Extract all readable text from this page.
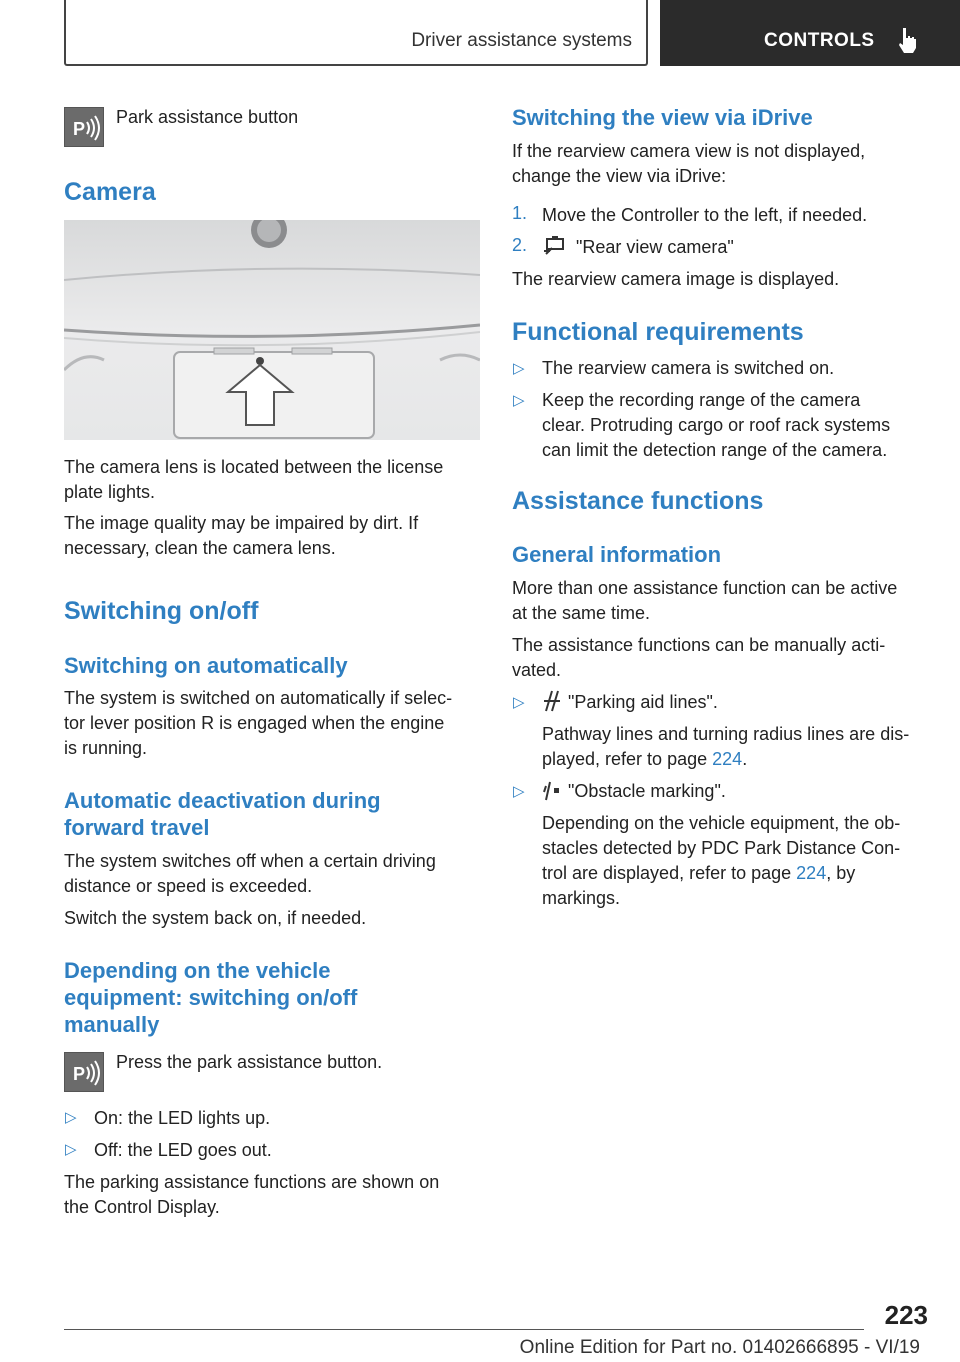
Driver assistance systems	CONTROLS
P
Park assistance button
Camera
The camera lens is located between the license plate lights.
The image quality may be impaired by dirt. If necessary, clean the camera lens.
Switching on/off
Switching on automatically
The system is switched on automatically if selec‐
tor lever position R is engaged when the engine
is running.
Automatic deactivation during
forward travel
The system switches off when a certain driving
distance or speed is exceeded.
Switch the system back on, if needed.
Depending on the vehicle
equipment: switching on/off
manually
P
Press the park assistance button.
▷ On: the LED lights up.
▷ Off: the LED goes out.
The parking assistance functions are shown on
the Control Display.
Switching the view via iDrive
If the rearview camera view is not displayed,
change the view via iDrive:
1. Move the Controller to the left, if needed.
2.	"Rear view camera"
The rearview camera image is displayed.
Functional requirements
▷ The rearview camera is switched on.
▷ Keep the recording range of the camera
clear. Protruding cargo or roof rack systems
can limit the detection range of the camera.
Assistance functions
General information
More than one assistance function can be active
at the same time.
The assistance functions can be manually acti‐
vated.
▷ "Parking aid lines".
Pathway lines and turning radius lines are dis‐
played, refer to page 224.
▷ "Obstacle marking".
Depending on the vehicle equipment, the ob‐
stacles detected by PDC Park Distance Con‐
trol are displayed, refer to page 224, by
markings.
223
Online Edition for Part no. 01402666895 - VI/19
